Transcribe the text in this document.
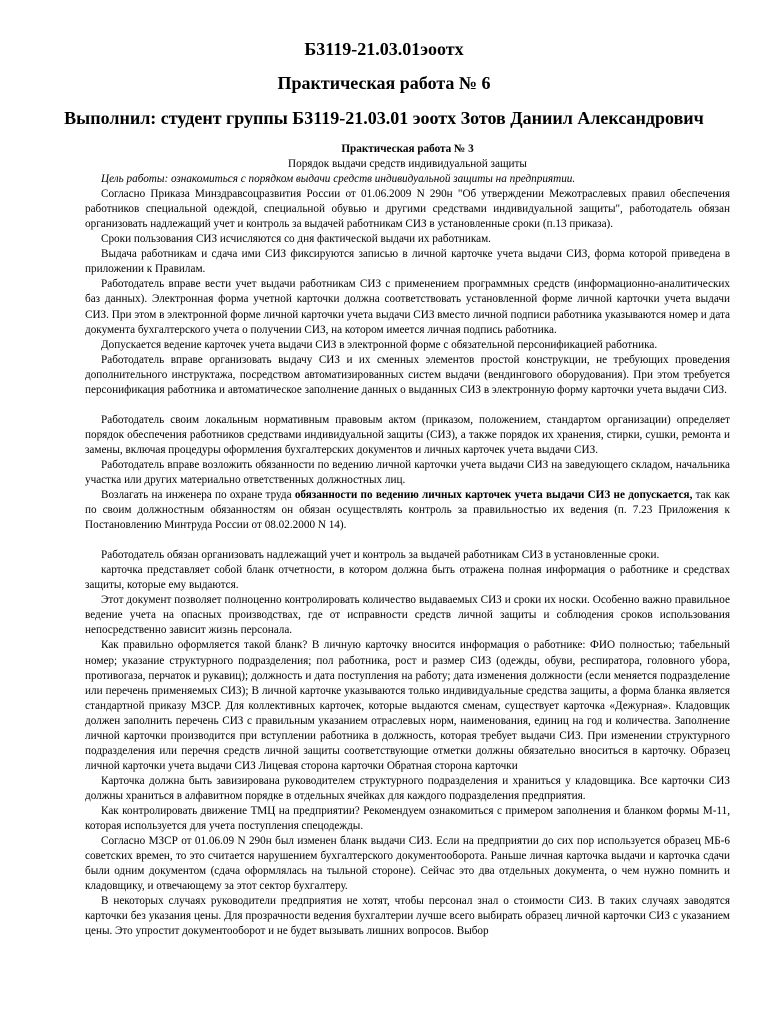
Б3119-21.03.01эоотх
Практическая работа № 6
Выполнил: студент группы Б3119-21.03.01 эоотх Зотов Даниил Александрович

Практическая работа № 3

Порядок выдачи средств индивидуальной защиты

Цель работы: ознакомиться с порядком выдачи средств индивидуальной защиты на предприятии.

Согласно Приказа Минздравсоцразвития России от 01.06.2009 N 290н "Об утверждении Межотраслевых правил обеспечения работников специальной одеждой, специальной обувью и другими средствами индивидуальной защиты", работодатель обязан организовать надлежащий учет и контроль за выдачей работникам СИЗ в установленные сроки (п.13 приказа).

Сроки пользования СИЗ исчисляются со дня фактической выдачи их работникам.

Выдача работникам и сдача ими СИЗ фиксируются записью в личной карточке учета выдачи СИЗ, форма которой приведена в приложении к Правилам.

Работодатель вправе вести учет выдачи работникам СИЗ с применением программных средств (информационно-аналитических баз данных). Электронная форма учетной карточки должна соответствовать установленной форме личной карточки учета выдачи СИЗ. При этом в электронной форме личной карточки учета выдачи СИЗ вместо личной подписи работника указываются номер и дата документа бухгалтерского учета о получении СИЗ, на котором имеется личная подпись работника.

Допускается ведение карточек учета выдачи СИЗ в электронной форме с обязательной персонификацией работника.

Работодатель вправе организовать выдачу СИЗ и их сменных элементов простой конструкции, не требующих проведения дополнительного инструктажа, посредством автоматизированных систем выдачи (вендингового оборудования). При этом требуется персонификация работника и автоматическое заполнение данных о выданных СИЗ в электронную форму карточки учета выдачи СИЗ.

Работодатель своим локальным нормативным правовым актом (приказом, положением, стандартом организации) определяет порядок обеспечения работников средствами индивидуальной защиты (СИЗ), а также порядок их хранения, стирки, сушки, ремонта и замены, включая процедуры оформления бухгалтерских документов и личных карточек учета выдачи СИЗ.

Работодатель вправе возложить обязанности по ведению личной карточки учета выдачи СИЗ на заведующего складом, начальника участка или других материально ответственных должностных лиц.

Возлагать на инженера по охране труда обязанности по ведению личных карточек учета выдачи СИЗ не допускается, так как по своим должностным обязанностям он обязан осуществлять контроль за правильностью их ведения (п. 7.23 Приложения к Постановлению Минтруда России от 08.02.2000 N 14).

Работодатель обязан организовать надлежащий учет и контроль за выдачей работникам СИЗ в установленные сроки.

карточка представляет собой бланк отчетности, в котором должна быть отражена полная информация о работнике и средствах защиты, которые ему выдаются.

Этот документ позволяет полноценно контролировать количество выдаваемых СИЗ и сроки их носки. Особенно важно правильное ведение учета на опасных производствах, где от исправности средств личной защиты и соблюдения сроков использования непосредственно зависит жизнь персонала.

Как правильно оформляется такой бланк? В личную карточку вносится информация о работнике: ФИО полностью; табельный номер; указание структурного подразделения; пол работника, рост и размер СИЗ (одежды, обуви, респиратора, головного убора, противогаза, перчаток и рукавиц); должность и дата поступления на работу; дата изменения должности (если меняется подразделение или перечень применяемых СИЗ); В личной карточке указываются только индивидуальные средства защиты, а форма бланка является стандартной приказу МЗСР. Для коллективных карточек, которые выдаются сменам, существует карточка «Дежурная». Кладовщик должен заполнить перечень СИЗ с правильным указанием отраслевых норм, наименования, единиц на год и количества. Заполнение личной карточки производится при вступлении работника в должность, которая требует выдачи СИЗ. При изменении структурного подразделения или перечня средств личной защиты соответствующие отметки должны обязательно вноситься в карточку. Образец личной карточки учета выдачи СИЗ Лицевая сторона карточки Обратная сторона карточки

Карточка должна быть завизирована руководителем структурного подразделения и храниться у кладовщика. Все карточки СИЗ должны храниться в алфавитном порядке в отдельных ячейках для каждого подразделения предприятия.

Как контролировать движение ТМЦ на предприятии? Рекомендуем ознакомиться с примером заполнения и бланком формы М-11, которая используется для учета поступления спецодежды.

Согласно МЗСР от 01.06.09 N 290н был изменен бланк выдачи СИЗ. Если на предприятии до сих пор используется образец МБ-6 советских времен, то это считается нарушением бухгалтерского документооборота. Раньше личная карточка выдачи и карточка сдачи были одним документом (сдача оформлялась на тыльной стороне). Сейчас это два отдельных документа, о чем нужно помнить и кладовщику, и отвечающему за этот сектор бухгалтеру.

В некоторых случаях руководители предприятия не хотят, чтобы персонал знал о стоимости СИЗ. В таких случаях заводятся карточки без указания цены. Для прозрачности ведения бухгалтерии лучше всего выбирать образец личной карточки СИЗ с указанием цены. Это упростит документооборот и не будет вызывать лишних вопросов. Выбор
